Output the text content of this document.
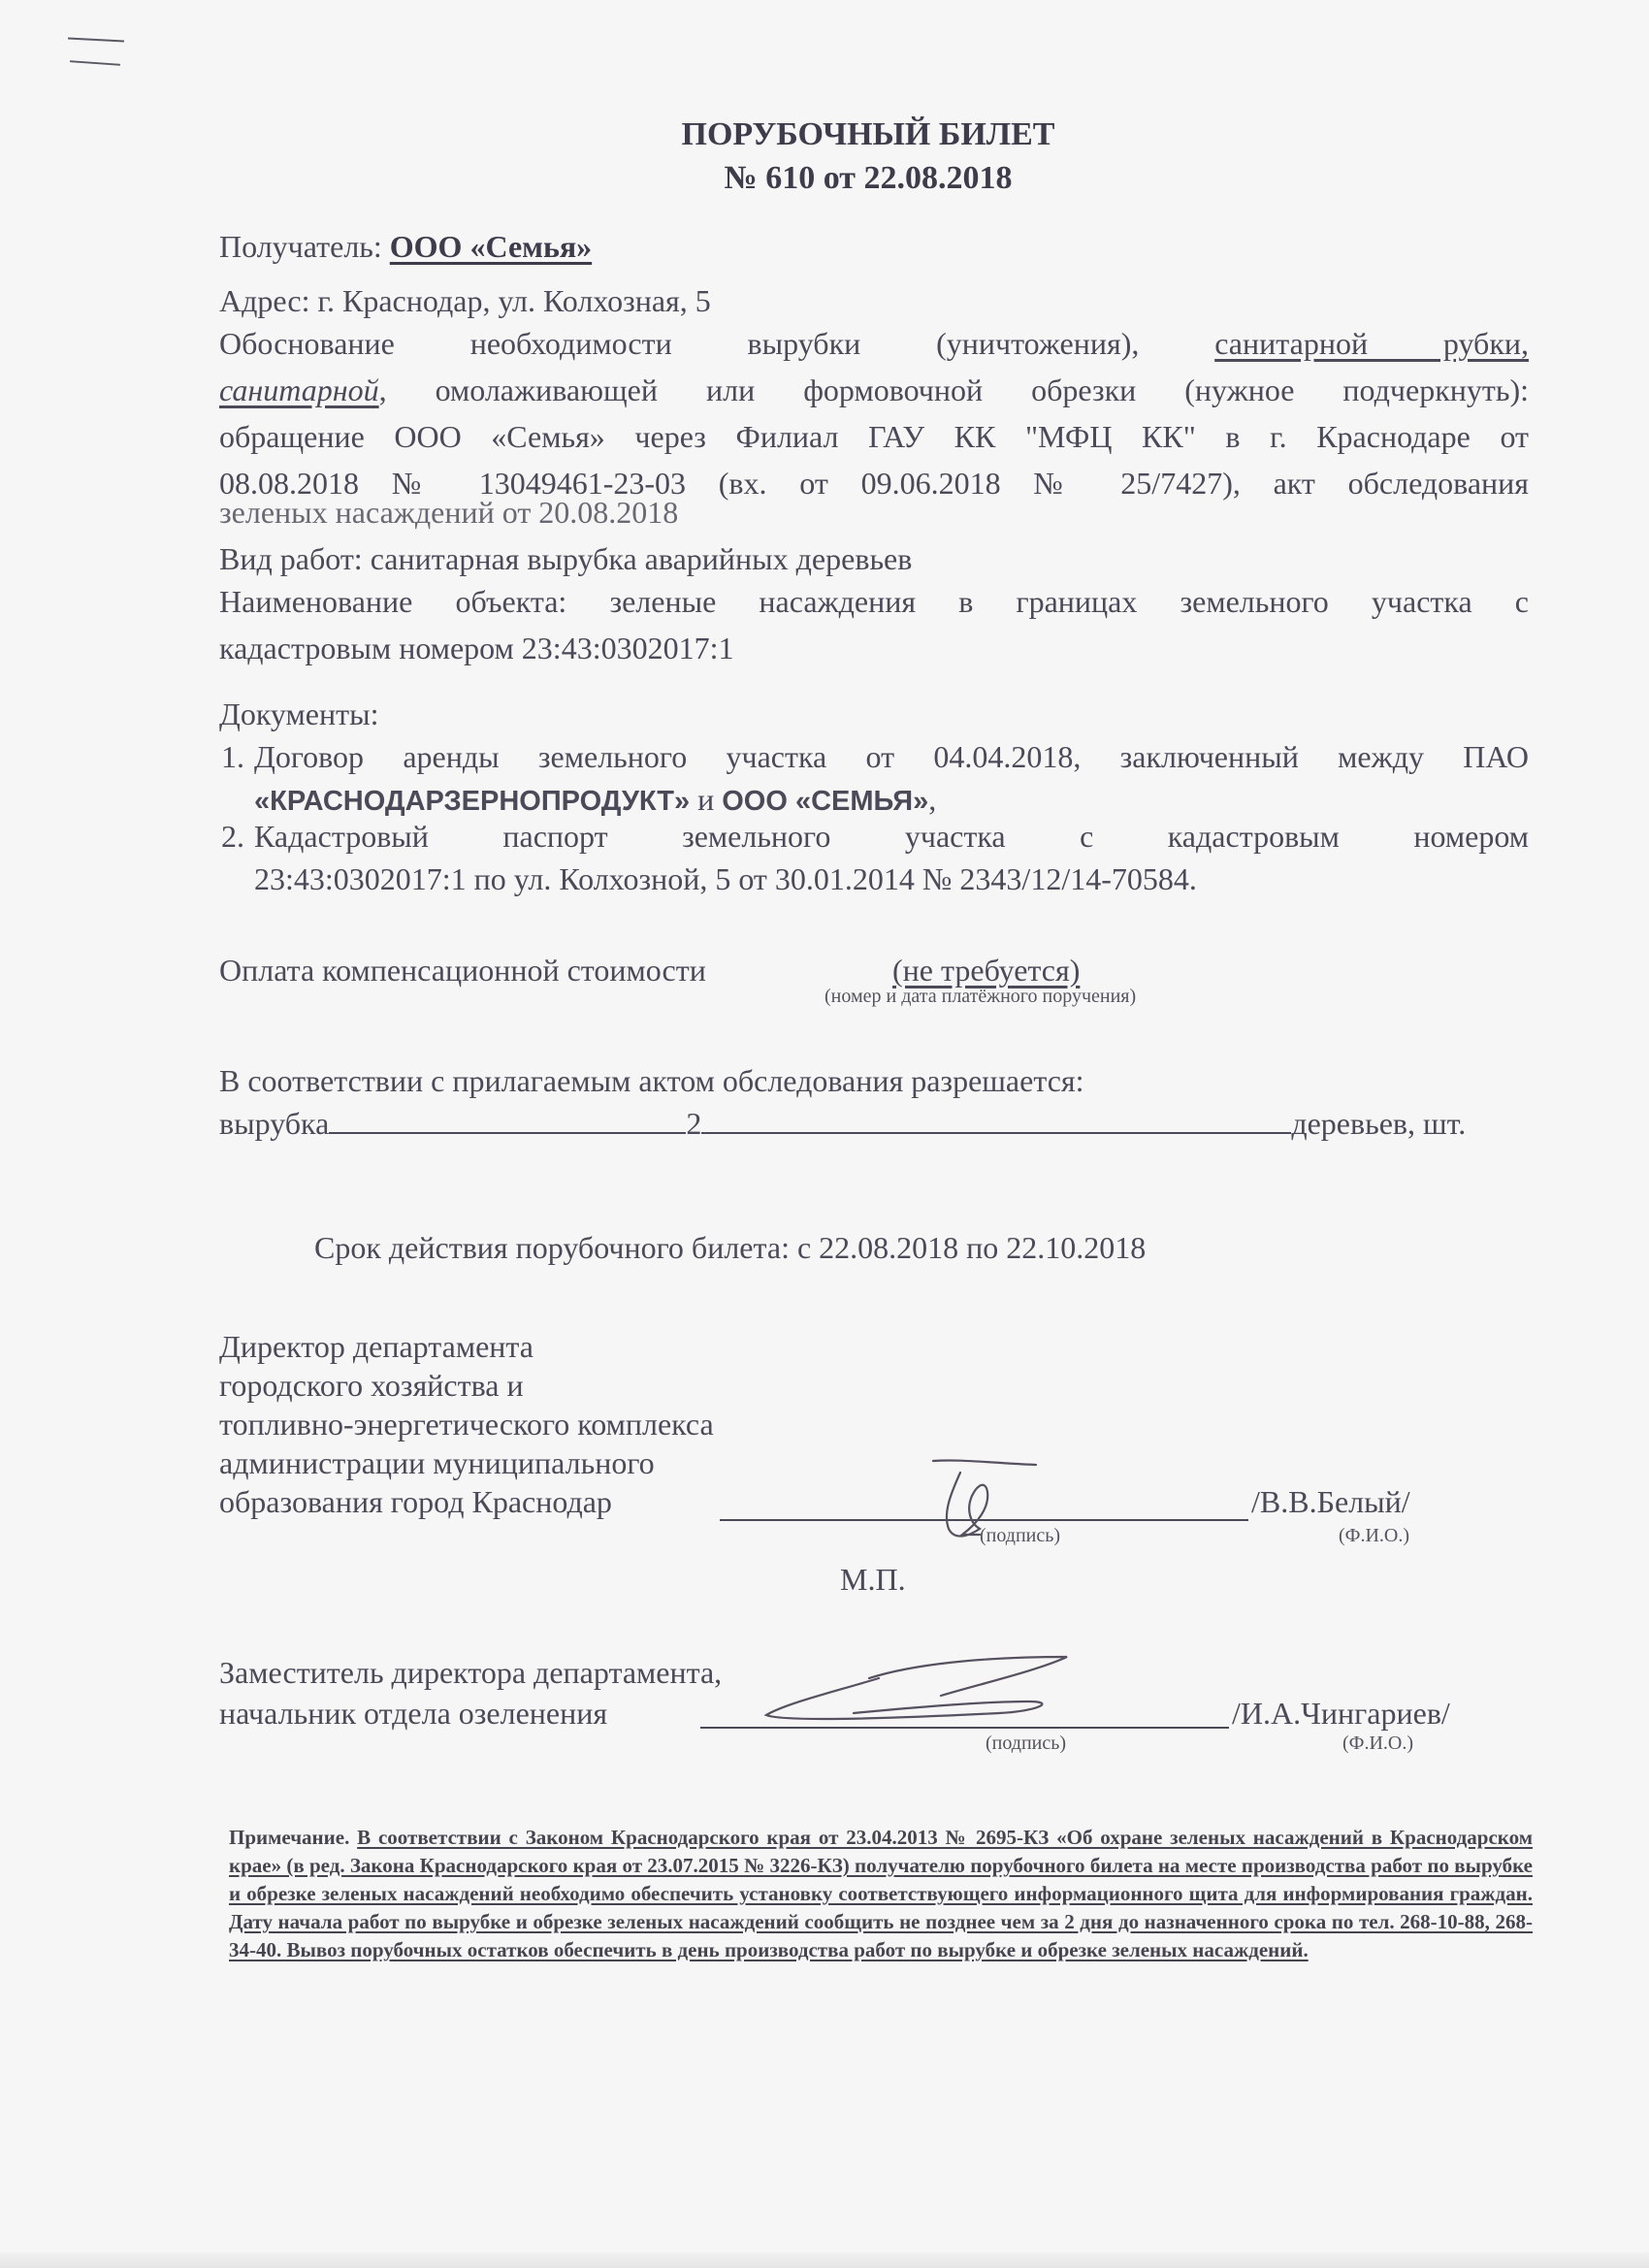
ПОРУБОЧНЫЙ БИЛЕТ
№ 610 от 22.08.2018
Получатель: ООО «Семья»
Адрес: г. Краснодар, ул. Колхозная, 5
Обоснование необходимости вырубки (уничтожения), санитарной рубки,
санитарной, омолаживающей или формовочной обрезки (нужное подчеркнуть):
обращение ООО «Семья» через Филиал ГАУ КК "МФЦ КК" в г. Краснодаре от
08.08.2018 № 13049461-23-03 (вх. от 09.06.2018 № 25/7427), акт обследования
зеленых насаждений от 20.08.2018
Вид работ: санитарная вырубка аварийных деревьев
Наименование объекта: зеленые насаждения в границах земельного участка с
кадастровым номером 23:43:0302017:1
Документы:
1. Договор аренды земельного участка от 04.04.2018, заключенный между ПАО
«КРАСНОДАРЗЕРНОПРОДУКТ» и ООО «СЕМЬЯ»,
2. Кадастровый паспорт земельного участка с кадастровым номером
23:43:0302017:1 по ул. Колхозной, 5 от 30.01.2014 № 2343/12/14-70584.
Оплата компенсационной стоимости	(не требуется)
(номер и дата платёжного поручения)
В соответствии с прилагаемым актом обследования разрешается:
вырубка	2	деревьев, шт.
Срок действия порубочного билета: с 22.08.2018 по 22.10.2018
Директор департамента
городского хозяйства и
топливно-энергетического комплекса
администрации муниципального
образования город Краснодар	/В.В.Белый/
(подпись)	(Ф.И.О.)
М.П.
Заместитель директора департамента,
начальник отдела озеленения	/И.А.Чингариев/
(подпись)	(Ф.И.О.)
Примечание. В соответствии с Законом Краснодарского края от 23.04.2013 № 2695-КЗ «Об охране зеленых насаждений в Краснодарском крае» (в ред. Закона Краснодарского края от 23.07.2015 № 3226-КЗ) получателю порубочного билета на месте производства работ по вырубке и обрезке зеленых насаждений необходимо обеспечить установку соответствующего информационного щита для информирования граждан. Дату начала работ по вырубке и обрезке зеленых насаждений сообщить не позднее чем за 2 дня до назначенного срока по тел. 268-10-88, 268-34-40. Вывоз порубочных остатков обеспечить в день производства работ по вырубке и обрезке зеленых насаждений.
